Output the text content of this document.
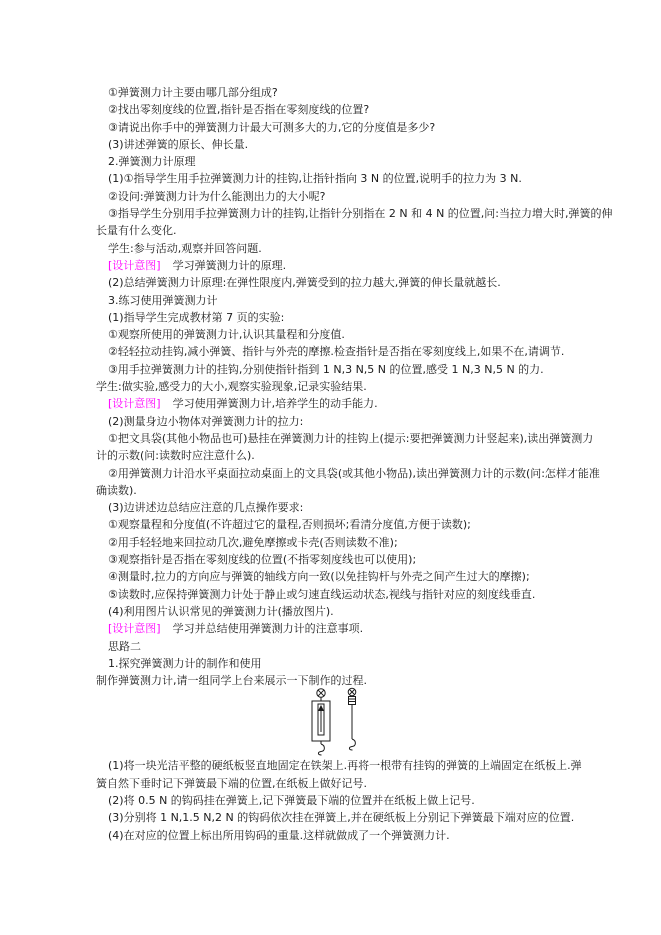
①弹簧测力计主要由哪几部分组成?
②找出零刻度线的位置,指针是否指在零刻度线的位置?
③请说出你手中的弹簧测力计最大可测多大的力,它的分度值是多少?
(3)讲述弹簧的原长、伸长量.
2.弹簧测力计原理
(1)①指导学生用手拉弹簧测力计的挂钩,让指针指向 3 N 的位置,说明手的拉力为 3 N.
②设问:弹簧测力计为什么能测出力的大小呢?
③指导学生分别用手拉弹簧测力计的挂钩,让指针分别指在 2 N 和 4 N 的位置,问:当拉力增大时,弹簧的伸
长量有什么变化.
学生:参与活动,观察并回答问题.
[设计意图] 学习弹簧测力计的原理.
(2)总结弹簧测力计原理:在弹性限度内,弹簧受到的拉力越大,弹簧的伸长量就越长.
3.练习使用弹簧测力计
(1)指导学生完成教材第 7 页的实验:
①观察所使用的弹簧测力计,认识其量程和分度值.
②轻轻拉动挂钩,减小弹簧、指针与外壳的摩擦.检查指针是否指在零刻度线上,如果不在,请调节.
③用手拉弹簧测力计的挂钩,分别使指针指到 1 N,3 N,5 N 的位置,感受 1 N,3 N,5 N 的力.
学生:做实验,感受力的大小,观察实验现象,记录实验结果.
[设计意图] 学习使用弹簧测力计,培养学生的动手能力.
(2)测量身边小物体对弹簧测力计的拉力:
①把文具袋(其他小物品也可)悬挂在弹簧测力计的挂钩上(提示:要把弹簧测力计竖起来),读出弹簧测力
计的示数(问:读数时应注意什么).
②用弹簧测力计沿水平桌面拉动桌面上的文具袋(或其他小物品),读出弹簧测力计的示数(问:怎样才能准
确读数).
(3)边讲述边总结应注意的几点操作要求:
①观察量程和分度值(不许超过它的量程,否则损坏;看清分度值,方便于读数);
②用手轻轻地来回拉动几次,避免摩擦或卡壳(否则读数不准);
③观察指针是否指在零刻度线的位置(不指零刻度线也可以使用);
④测量时,拉力的方向应与弹簧的轴线方向一致(以免挂钩杆与外壳之间产生过大的摩擦);
⑤读数时,应保持弹簧测力计处于静止或匀速直线运动状态,视线与指针对应的刻度线垂直.
(4)利用图片认识常见的弹簧测力计(播放图片).
[设计意图] 学习并总结使用弹簧测力计的注意事项.
思路二
1.探究弹簧测力计的制作和使用
制作弹簧测力计,请一组同学上台来展示一下制作的过程.
(1)将一块光洁平整的硬纸板竖直地固定在铁架上.再将一根带有挂钩的弹簧的上端固定在纸板上.弹
簧自然下垂时记下弹簧最下端的位置,在纸板上做好记号.
(2)将 0.5 N 的钩码挂在弹簧上,记下弹簧最下端的位置并在纸板上做上记号.
(3)分别将 1 N,1.5 N,2 N 的钩码依次挂在弹簧上,并在硬纸板上分别记下弹簧最下端对应的位置.
(4)在对应的位置上标出所用钩码的重量.这样就做成了一个弹簧测力计.
